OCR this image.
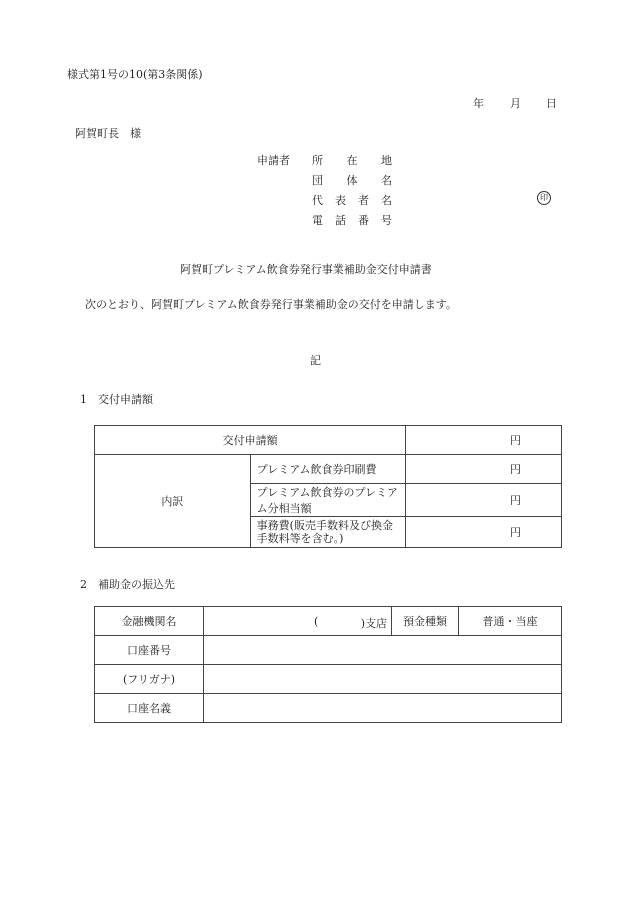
様式第1号の10(第3条関係)
年 月 日
阿賀町長　様
申請者 所 在 地
団 体 名
代 表 者 名
電 話 番 号
印
阿賀町プレミアム飲食券発行事業補助金交付申請書
次のとおり、阿賀町プレミアム飲食券発行事業補助金の交付を申請します。
記
1　交付申請額
交付申請額		円
内訳	プレミアム飲食券印刷費	円
	プレミアム飲食券のプレミアム分相当額	円
	事務費(販売手数料及び換金手数料等を含む。)	円
2　補助金の振込先
金融機関名	( )支店	預金種類	普通・当座
口座番号			
(フリガナ)			
口座名義			
